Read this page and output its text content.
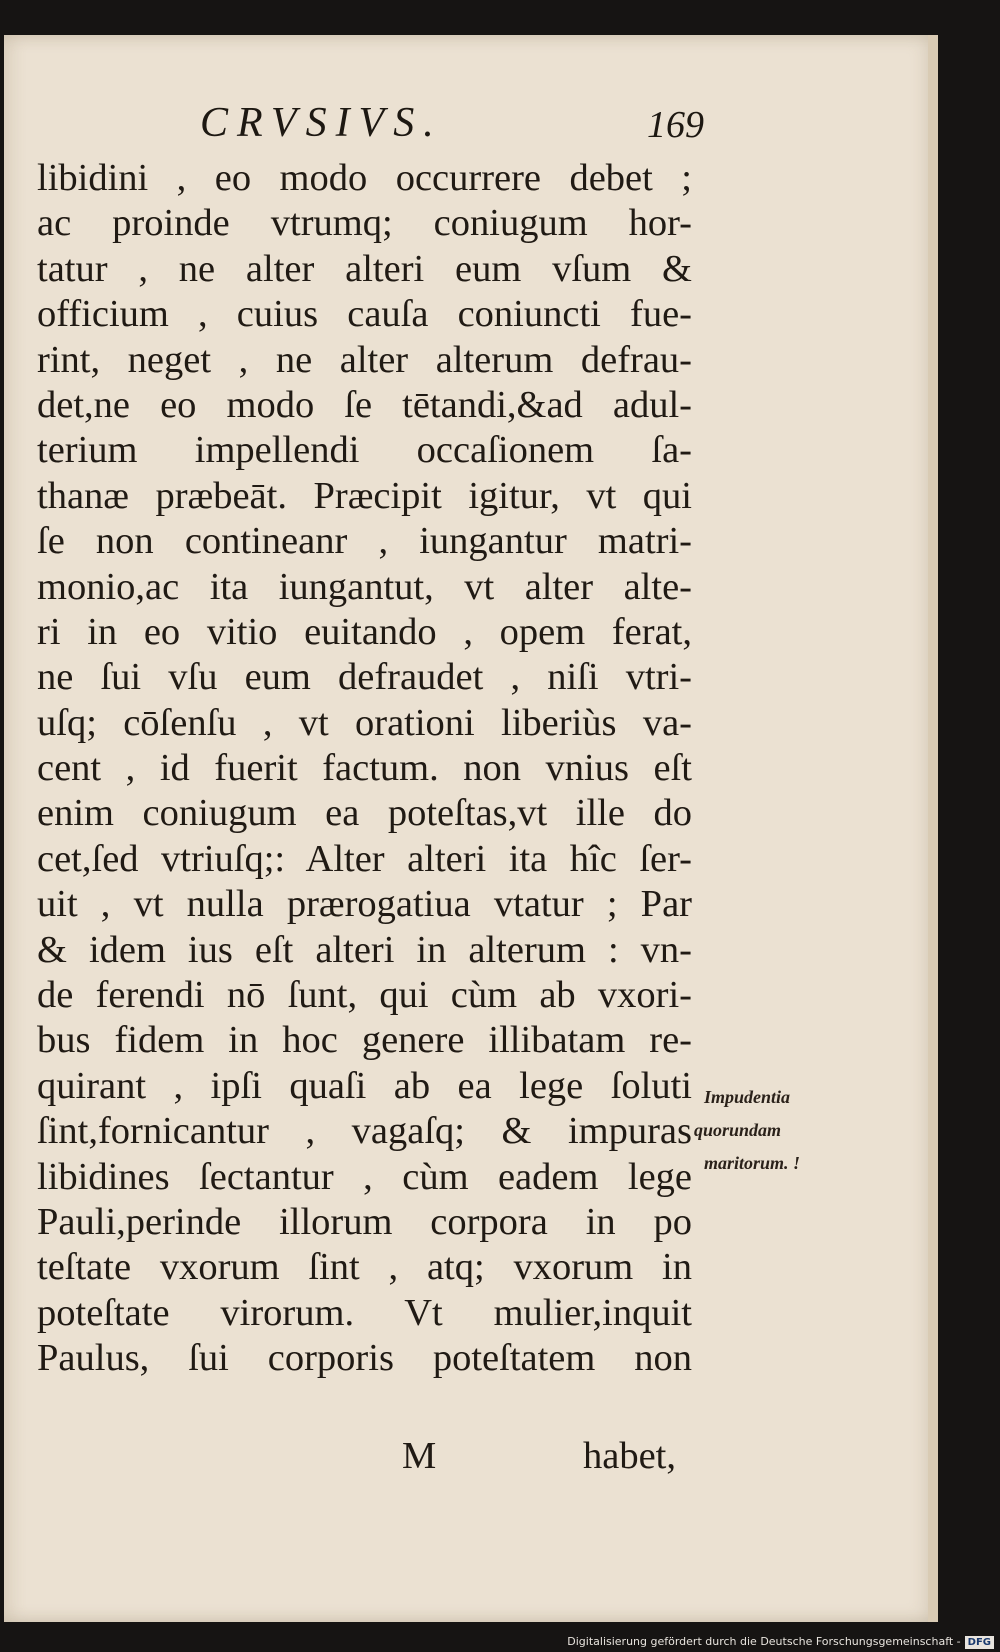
CRVSIVS.	169
libidini , eo modo occurrere debet ;
ac proinde vtrumq; coniugum hor-
tatur , ne alter alteri eum vſum &
officium , cuius cauſa coniuncti fue-
rint, neget , ne alter alterum defrau-
det,ne eo modo ſe tētandi,&ad adul-
terium impellendi occaſionem ſa-
thanæ præbeāt. Præcipit igitur, vt qui
ſe non contineanr , iungantur matri-
monio,ac ita iungantut, vt alter alte-
ri in eo vitio euitando , opem ferat,
ne ſui vſu eum defraudet , niſi vtri-
uſq; cōſenſu , vt orationi liberiùs va-
cent , id fuerit factum. non vnius eſt
enim coniugum ea poteſtas,vt ille do
cet,ſed vtriuſq;: Alter alteri ita hîc ſer-
uit , vt nulla prærogatiua vtatur ; Par
& idem ius eſt alteri in alterum : vn-
de ferendi nō ſunt, qui cùm ab vxori-
bus fidem in hoc genere illibatam re-
quirant , ipſi quaſi ab ea lege ſoluti
ſint,fornicantur , vagaſq; & impuras
libidines ſectantur , cùm eadem lege
Pauli,perinde illorum corpora in po
teſtate vxorum ſint , atq; vxorum in
poteſtate virorum. Vt mulier,inquit
Paulus, ſui corporis poteſtatem non
Impudentia
quorundam
maritorum. !
M	habet,
Digitalisierung gefördert durch die Deutsche Forschungsgemeinschaft - DFG
